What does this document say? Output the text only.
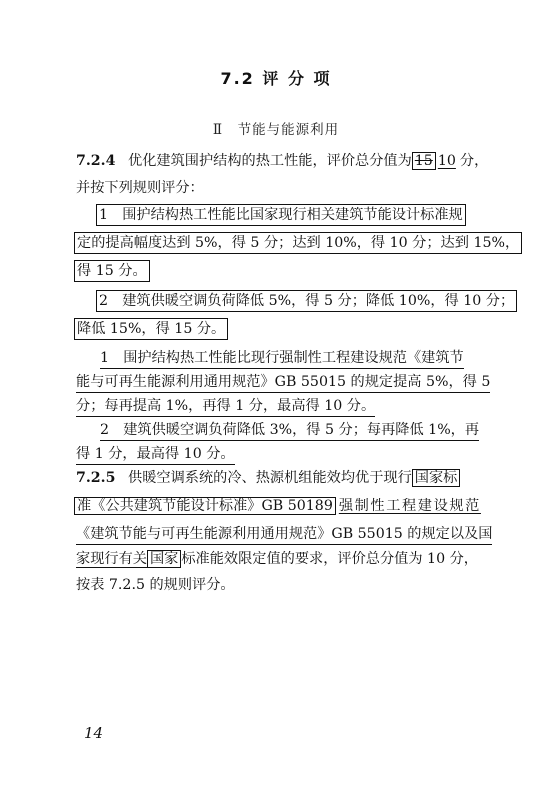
7.2 评 分 项
Ⅱ　节能与能源利用
7.2.4 优化建筑围护结构的热工性能，评价总分值为 15 10 分，
并按下列规则评分：
1　围护结构热工性能比国家现行相关建筑节能设计标准规
定的提高幅度达到 5%，得 5 分；达到 10%，得 10 分；达到 15%，
得 15 分。
2　建筑供暖空调负荷降低 5%，得 5 分；降低 10%，得 10 分；
降低 15%，得 15 分。
1　围护结构热工性能比现行强制性工程建设规范《建筑节
能与可再生能源利用通用规范》GB 55015 的规定提高 5%，得 5
分；每再提高 1%，再得 1 分，最高得 10 分。
2　建筑供暖空调负荷降低 3%，得 5 分；每再降低 1%，再
得 1 分，最高得 10 分。
7.2.5 供暖空调系统的冷、热源机组能效均优于现行 国家标
准《公共建筑节能设计标准》GB 50189 强制性工程建设规范
《建筑节能与可再生能源利用通用规范》GB 55015 的规定以及国
家现行有关 国家 标准能效限定值的要求，评价总分值为 10 分，
按表 7.2.5 的规则评分。
14
